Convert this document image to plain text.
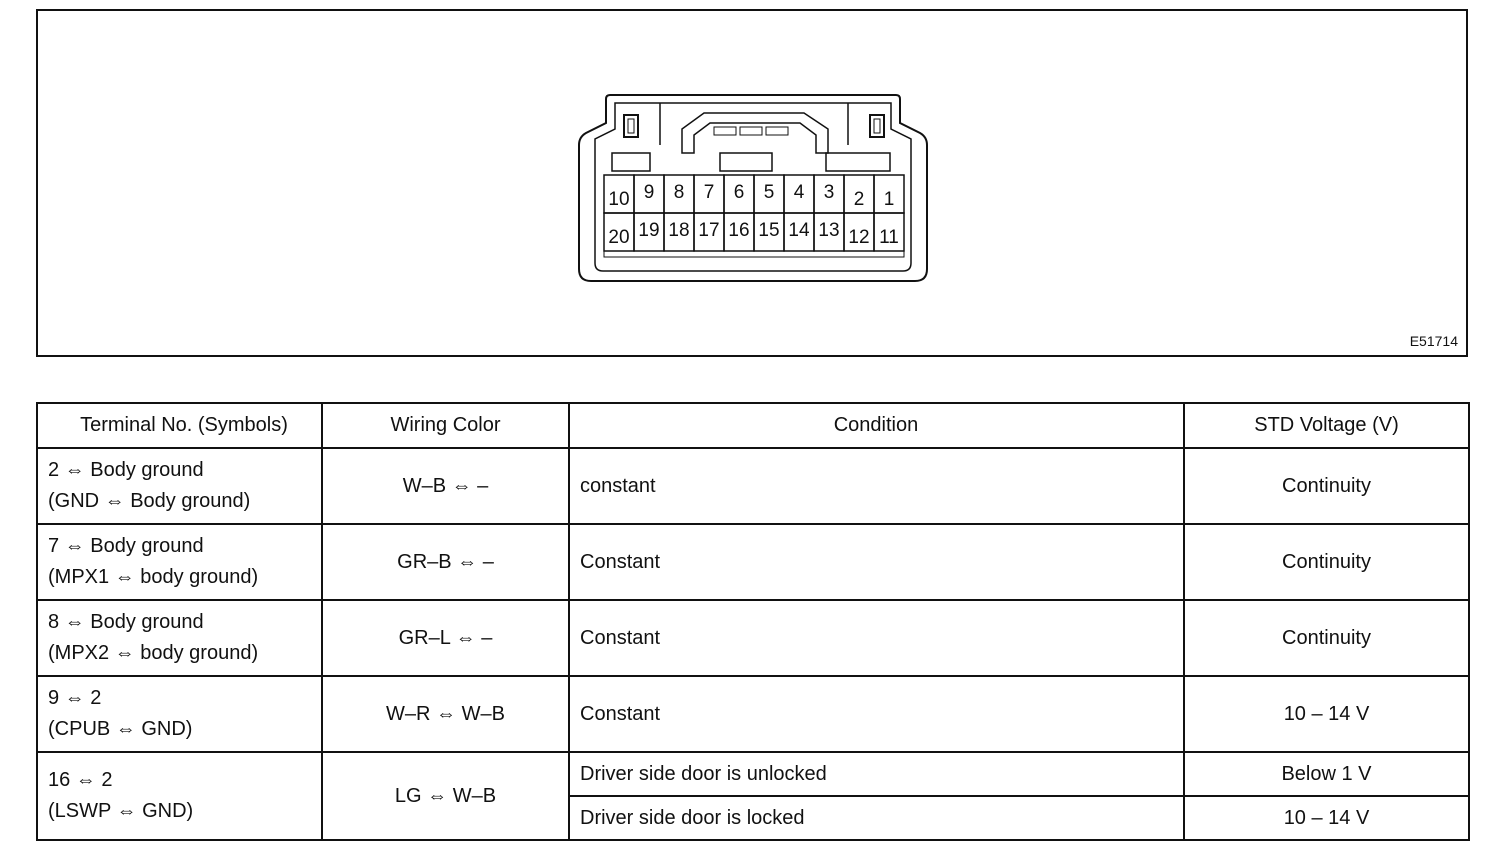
10
20
9
19
8
18
7
17
6
16
5
15
4
14
3
13
2
12
1
11
E51714
Terminal No. (Symbols)	Wiring Color	Condition	STD Voltage (V)

2 ⇔ Body ground
(GND ⇔ Body ground)	W–B ⇔ –	constant	Continuity

7 ⇔ Body ground
(MPX1 ⇔ body ground)	GR–B ⇔ –	Constant	Continuity

8 ⇔ Body ground
(MPX2 ⇔ body ground)	GR–L ⇔ –	Constant	Continuity

9 ⇔ 2
(CPUB ⇔ GND)	W–R ⇔ W–B	Constant	10 – 14 V

16 ⇔ 2
(LSWP ⇔ GND)	LG ⇔ W–B	Driver side door is unlocked	Below 1 V
		Driver side door is locked	10 – 14 V
